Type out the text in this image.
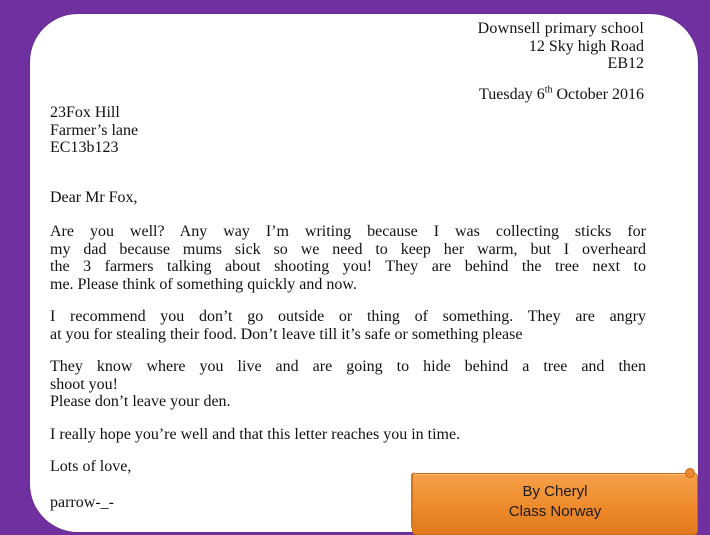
Downsell primary school
12 Sky high Road
EB12
Tuesday 6th October 2016
23Fox Hill
Farmer’s lane
EC13b123
Dear Mr Fox,
Are you well? Any way I’m writing because I was collecting sticks for
my dad because mums sick so we need to keep her warm, but I overheard
the 3 farmers talking about shooting you! They are behind the tree next to
me. Please think of something quickly and now.
I recommend you don’t go outside or thing of something. They are angry
at you for stealing their food. Don’t leave till it’s safe or something please
They know where you live and are going to hide behind a tree and then
shoot you!
Please don’t leave your den.
I really hope you’re well and that this letter reaches you in time.
Lots of love,
parrow-_-
By Cheryl
Class Norway
